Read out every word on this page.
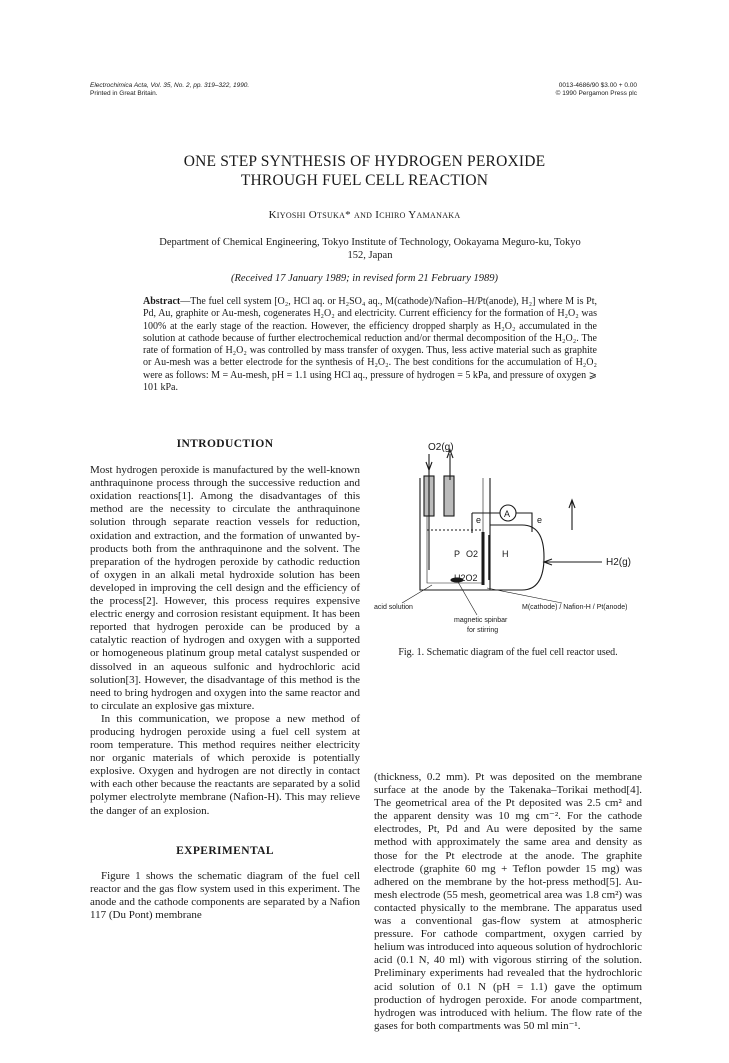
Electrochimica Acta, Vol. 35, No. 2, pp. 319–322, 1990.
Printed in Great Britain.
0013-4686/90 $3.00 + 0.00
© 1990 Pergamon Press plc
ONE STEP SYNTHESIS OF HYDROGEN PEROXIDE
THROUGH FUEL CELL REACTION
Kiyoshi Otsuka* and Ichiro Yamanaka
Department of Chemical Engineering, Tokyo Institute of Technology, Ookayama Meguro-ku, Tokyo 152, Japan
(Received 17 January 1989; in revised form 21 February 1989)
Abstract—The fuel cell system [O₂, HCl aq. or H₂SO₄ aq., M(cathode)/Nafion–H/Pt(anode), H₂] where M is Pt, Pd, Au, graphite or Au-mesh, cogenerates H₂O₂ and electricity. Current efficiency for the formation of H₂O₂ was 100% at the early stage of the reaction. However, the efficiency dropped sharply as H₂O₂ accumulated in the solution at cathode because of further electrochemical reduction and/or thermal decomposition of the H₂O₂. The rate of formation of H₂O₂ was controlled by mass transfer of oxygen. Thus, less active material such as graphite or Au-mesh was a better electrode for the synthesis of H₂O₂. The best conditions for the accumulation of H₂O₂ were as follows: M = Au-mesh, pH = 1.1 using HCl aq., pressure of hydrogen = 5 kPa, and pressure of oxygen ⩾ 101 kPa.
INTRODUCTION

Most hydrogen peroxide is manufactured by the well-known anthraquinone process through the successive reduction and oxidation reactions[1]. Among the disadvantages of this method are the necessity to circulate the anthraquinone solution through separate reaction vessels for reduction, oxidation and extraction, and the formation of unwanted by-products both from the anthraquinone and the solvent. The preparation of the hydrogen peroxide by cathodic reduction of oxygen in an alkali metal hydroxide solution has been developed in improving the cell design and the efficiency of the process[2]. However, this process requires expensive electric energy and corrosion resistant equipment. It has been reported that hydrogen peroxide can be produced by a catalytic reaction of hydrogen and oxygen with a supported or homogeneous platinum group metal catalyst suspended or dissolved in an aqueous sulfonic and hydrochloric acid solution[3]. However, the disadvantage of this method is the need to bring hydrogen and oxygen into the same reactor and to circulate an explosive gas mixture.

In this communication, we propose a new method of producing hydrogen peroxide using a fuel cell system at room temperature. This method requires neither electricity nor organic materials of which peroxide is potentially explosive. Oxygen and hydrogen are not directly in contact with each other because the reactants are separated by a solid polymer electrolyte membrane (Nafion-H). This may relieve the danger of an explosion.

EXPERIMENTAL

Figure 1 shows the schematic diagram of the fuel cell reactor and the gas flow system used in this experiment. The anode and the cathode components are separated by a Nafion 117 (Du Pont) membrane

O2(g)
H2(g)
A
e	e
P O2	H
H2O2
acid solution	M(cathode) / Nafion-H / Pt(anode)
magnetic spinbar
for stirring
Fig. 1. Schematic diagram of the fuel cell reactor used.

(thickness, 0.2 mm). Pt was deposited on the membrane surface at the anode by the Takenaka–Torikai method[4]. The geometrical area of the Pt deposited was 2.5 cm² and the apparent density was 10 mg cm⁻². For the cathode electrodes, Pt, Pd and Au were deposited by the same method with approximately the same area and density as those for the Pt electrode at the anode. The graphite electrode (graphite 60 mg + Teflon powder 15 mg) was adhered on the membrane by the hot-press method[5]. Au-mesh electrode (55 mesh, geometrical area was 1.8 cm²) was contacted physically to the membrane. The apparatus used was a conventional gas-flow system at atmospheric pressure. For cathode compartment, oxygen carried by helium was introduced into aqueous solution of hydrochloric acid (0.1 N, 40 ml) with vigorous stirring of the solution. Preliminary experiments had revealed that the hydrochloric acid solution of 0.1 N (pH = 1.1) gave the optimum production of hydrogen peroxide. For anode compartment, hydrogen was introduced with helium. The flow rate of the gases for both compartments was 50 ml min⁻¹.
